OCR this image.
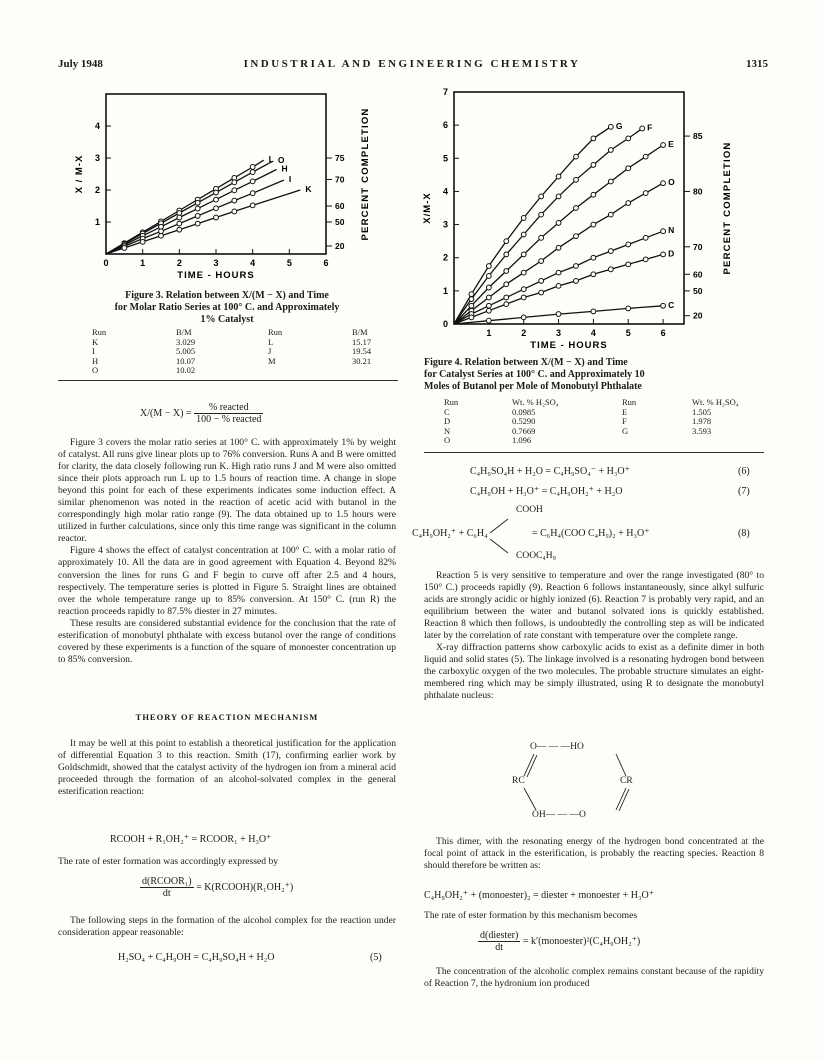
July 1948	INDUSTRIAL AND ENGINEERING CHEMISTRY	1315
0	1	2	3	4	5	6
1
2
3
4
75
70
60
50
20
TIME - HOURS
X / M-X	PERCENT COMPLETION
L O
H
I
K
Figure 3. Relation between X/(M − X) and Time
for Molar Ratio Series at 100° C. and Approximately
1% Catalyst
Run	B/M	Run	B/M
K	3.029	L	15.17
I	5.005	J	19.54
H	10.07	M	30.21
O	10.02		
1	2	3	4	5	6
0
1
2
3
4
5
6
7
85
80
70
60
50
20
TIME - HOURS
X/M-X	PERCENT COMPLETION
G	F
E
O
N
D
C
Figure 4. Relation between X/(M − X) and Time
for Catalyst Series at 100° C. and Approximately 10
Moles of Butanol per Mole of Monobutyl Phthalate
Run	Wt. % H₂SO₄	Run	Wt. % H₂SO₄
C	0.0985	E	1.505
D	0.5290	F	1.978
N	0.7669	G	3.593
O	1.096		
$X/(M - X) = \frac{\text{\% reacted}}{\text{100 − \% reacted}}$

Figure 3 covers the molar ratio series at 100° C. with approximately 1% by weight of catalyst. All runs give linear plots up to 76% conversion. Runs A and B were omitted for clarity, the data closely following run K. High ratio runs J and M were also omitted since their plots approach run L up to 1.5 hours of reaction time. A change in slope beyond this point for each of these experiments indicates some induction effect. A similar phenomenon was noted in the reaction of acetic acid with butanol in the correspondingly high molar ratio range (9). The data obtained up to 1.5 hours were utilized in further calculations, since only this time range was significant in the column reactor.

Figure 4 shows the effect of catalyst concentration at 100° C. with a molar ratio of approximately 10. All the data are in good agreement with Equation 4. Beyond 82% conversion the lines for runs G and F begin to curve off after 2.5 and 4 hours, respectively. The temperature series is plotted in Figure 5. Straight lines are obtained over the whole temperature range up to 85% conversion. At 150° C. (run R) the reaction proceeds rapidly to 87.5% diester in 27 minutes.

These results are considered substantial evidence for the conclusion that the rate of esterification of monobutyl phthalate with excess butanol over the range of conditions covered by these experiments is a function of the square of monoester concentration up to 85% conversion.

THEORY OF REACTION MECHANISM

It may be well at this point to establish a theoretical justification for the application of differential Equation 3 to this reaction. Smith (17), confirming earlier work by Goldschmidt, showed that the catalyst activity of the hydrogen ion from a mineral acid proceeded through the formation of an alcohol-solvated complex in the general esterification reaction:

RCOOH + R₁OH₂⁺ = RCOOR₁ + H₃O⁺

The rate of ester formation was accordingly expressed by

$\frac{\text{d(RCOOR₁)}}{dt}$ = K(RCOOH)(R₁OH₂⁺)

The following steps in the formation of the alcohol complex for the reaction under consideration appear reasonable:

H₂SO₄ + C₄H₉OH = C₄H₉SO₄H + H₂O	(5)
C₄H₉SO₄H + H₂O = C₄H₉SO₄⁻ + H₃O⁺	(6)
C₄H₉OH + H₃O⁺ = C₄H₉OH₂⁺ + H₂O	(7)
COOH
C₄H₉OH₂⁺ + C₆H₄	= C₆H₄(COO C₄H₉)₂ + H₃O⁺	(8)
COOC₄H₉

Reaction 5 is very sensitive to temperature and over the range investigated (80° to 150° C.) proceeds rapidly (9). Reaction 6 follows instantaneously, since alkyl sulfuric acids are strongly acidic or highly ionized (6). Reaction 7 is probably very rapid, and an equilibrium between the water and butanol solvated ions is quickly established. Reaction 8 which then follows, is undoubtedly the controlling step as will be indicated later by the correlation of rate constant with temperature over the complete range.

X-ray diffraction patterns show carboxylic acids to exist as a definite dimer in both liquid and solid states (5). The linkage involved is a resonating hydrogen bond between the carboxylic oxygen of the two molecules. The probable structure simulates an eight-membered ring which may be simply illustrated, using R to designate the monobutyl phthalate nucleus:

O— — —HO
RC	CR
OH— — —O

This dimer, with the resonating energy of the hydrogen bond concentrated at the focal point of attack in the esterification, is probably the reacting species. Reaction 8 should therefore be written as:

C₄H₉OH₂⁺ + (monoester)₂ = diester + monoester + H₃O⁺

The rate of ester formation by this mechanism becomes

$\frac{\text{d(diester)}}{dt}$ = k′(monoester)²(C₄H₉OH₂⁺)

The concentration of the alcoholic complex remains constant because of the rapidity of Reaction 7, the hydronium ion produced
